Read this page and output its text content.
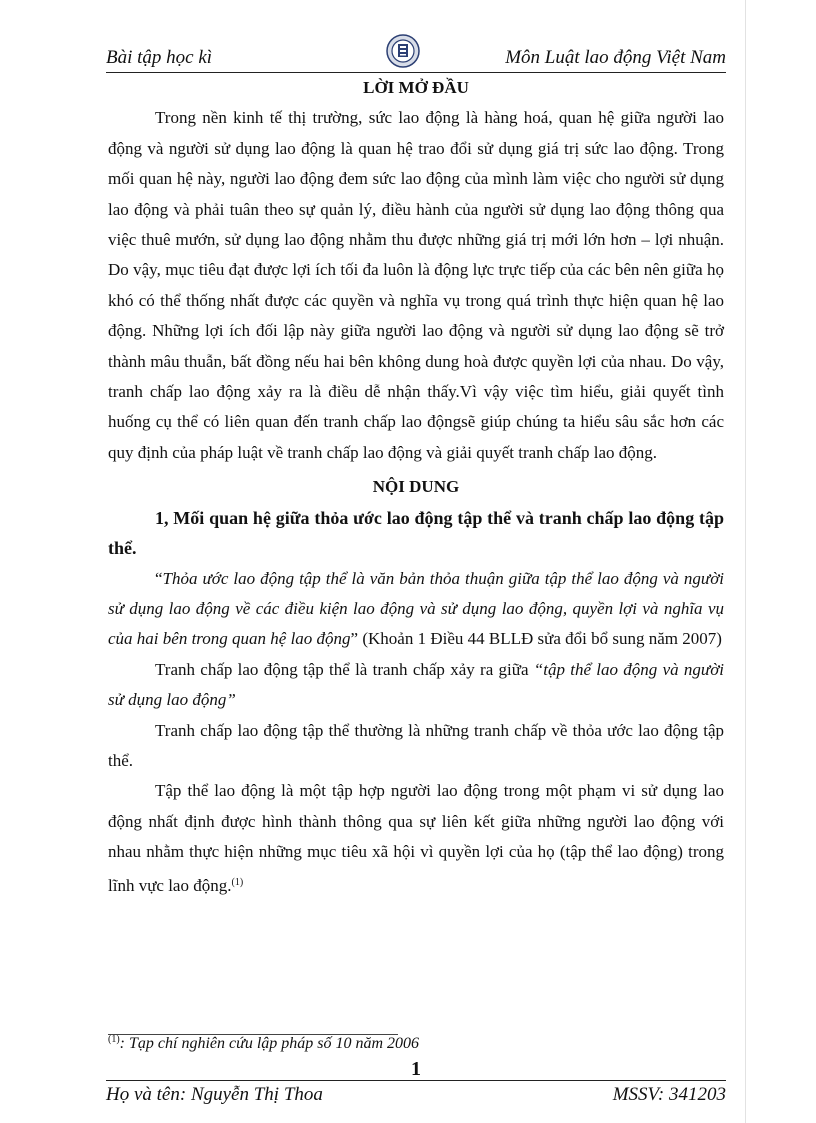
Bài tập học kì	Môn Luật lao động Việt Nam

LỜI MỞ ĐẦU

Trong nền kinh tế thị trường, sức lao động là hàng hoá, quan hệ giữa người lao động và người sử dụng lao động là quan hệ trao đổi sử dụng giá trị sức lao động. Trong mối quan hệ này, người lao động đem sức lao động của mình làm việc cho người sử dụng lao động và phải tuân theo sự quản lý, điều hành của người sử dụng lao động thông qua việc thuê mướn, sử dụng lao động nhằm thu được những giá trị mới lớn hơn – lợi nhuận. Do vậy, mục tiêu đạt được lợi ích tối đa luôn là động lực trực tiếp của các bên nên giữa họ khó có thể thống nhất được các quyền và nghĩa vụ trong quá trình thực hiện quan hệ lao động. Những lợi ích đối lập này giữa người lao động và người sử dụng lao động sẽ trở thành mâu thuẫn, bất đồng nếu hai bên không dung hoà được quyền lợi của nhau. Do vậy, tranh chấp lao động xảy ra là điều dễ nhận thấy.Vì vậy việc tìm hiểu, giải quyết tình huống cụ thể có liên quan đến tranh chấp lao độngsẽ giúp chúng ta hiểu sâu sắc hơn các quy định của pháp luật về tranh chấp lao động và giải quyết tranh chấp lao động.

NỘI DUNG

1, Mối quan hệ giữa thỏa ước lao động tập thể và tranh chấp lao động tập thể.

“Thỏa ước lao động tập thể là văn bản thỏa thuận giữa tập thể lao động và người sử dụng lao động về các điều kiện lao động và sử dụng lao động, quyền lợi và nghĩa vụ của hai bên trong quan hệ lao động” (Khoản 1 Điều 44 BLLĐ sửa đổi bổ sung năm 2007)

Tranh chấp lao động tập thể là tranh chấp xảy ra giữa “tập thể lao động và người sử dụng lao động”

Tranh chấp lao động tập thể thường là những tranh chấp về thỏa ước lao động tập thể.

Tập thể lao động là một tập hợp người lao động trong một phạm vi sử dụng lao động nhất định được hình thành thông qua sự liên kết giữa những người lao động với nhau nhằm thực hiện những mục tiêu xã hội vì quyền lợi của họ (tập thể lao động) trong lĩnh vực lao động.$^{(1)}$

$^{(1)}$: Tạp chí nghiên cứu lập pháp số 10 năm 2006
1
Họ và tên: Nguyễn Thị Thoa	MSSV: 341203
